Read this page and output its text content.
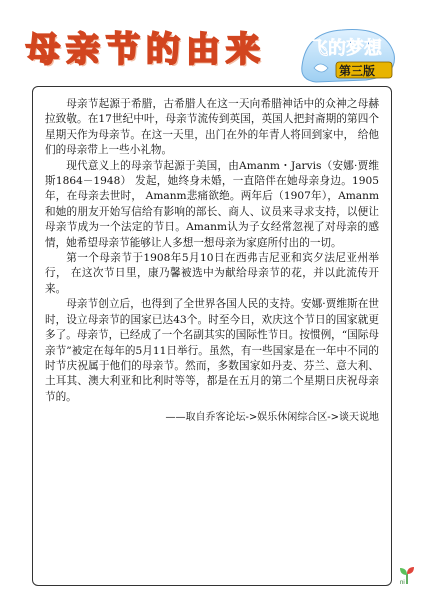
母亲节的由来 飞的梦想
第三版

母亲节起源于希腊，古希腊人在这一天向希腊神话中的众神之母赫拉致敬。在17世纪中叶，母亲节流传到英国，英国人把封斋期的第四个星期天作为母亲节。在这一天里，出门在外的年青人将回到家中， 给他们的母亲带上一些小礼物。

现代意义上的母亲节起源于美国，由Amanm・Jarvis（安娜·贾维斯1864－1948） 发起，她终身未婚，一直陪伴在她母亲身边。1905年，在母亲去世时， Amanm悲痛欲绝。两年后（1907年），Amanm和她的朋友开始写信给有影响的部长、商人、议员来寻求支持，以便让母亲节成为一个法定的节日。Amanm认为子女经常忽视了对母亲的感情，她希望母亲节能够让人多想一想母亲为家庭所付出的一切。

第一个母亲节于1908年5月10日在西弗吉尼亚和宾夕法尼亚州举行， 在这次节日里，康乃馨被选中为献给母亲节的花，并以此流传开来。

母亲节创立后，也得到了全世界各国人民的支持。安娜·贾维斯在世时，设立母亲节的国家已达43个。时至今日，欢庆这个节日的国家就更多了。母亲节，已经成了一个名副其实的国际性节日。按惯例，“国际母亲节”被定在每年的5月11日举行。虽然，有一些国家是在一年中不同的时节庆祝属于他们的母亲节。然而，多数国家如丹麦、芬兰、意大利、土耳其、澳大利亚和比利时等等，都是在五月的第二个星期日庆祝母亲节的。

——取自乔客论坛->娱乐休闲综合区->谈天说地
ni
